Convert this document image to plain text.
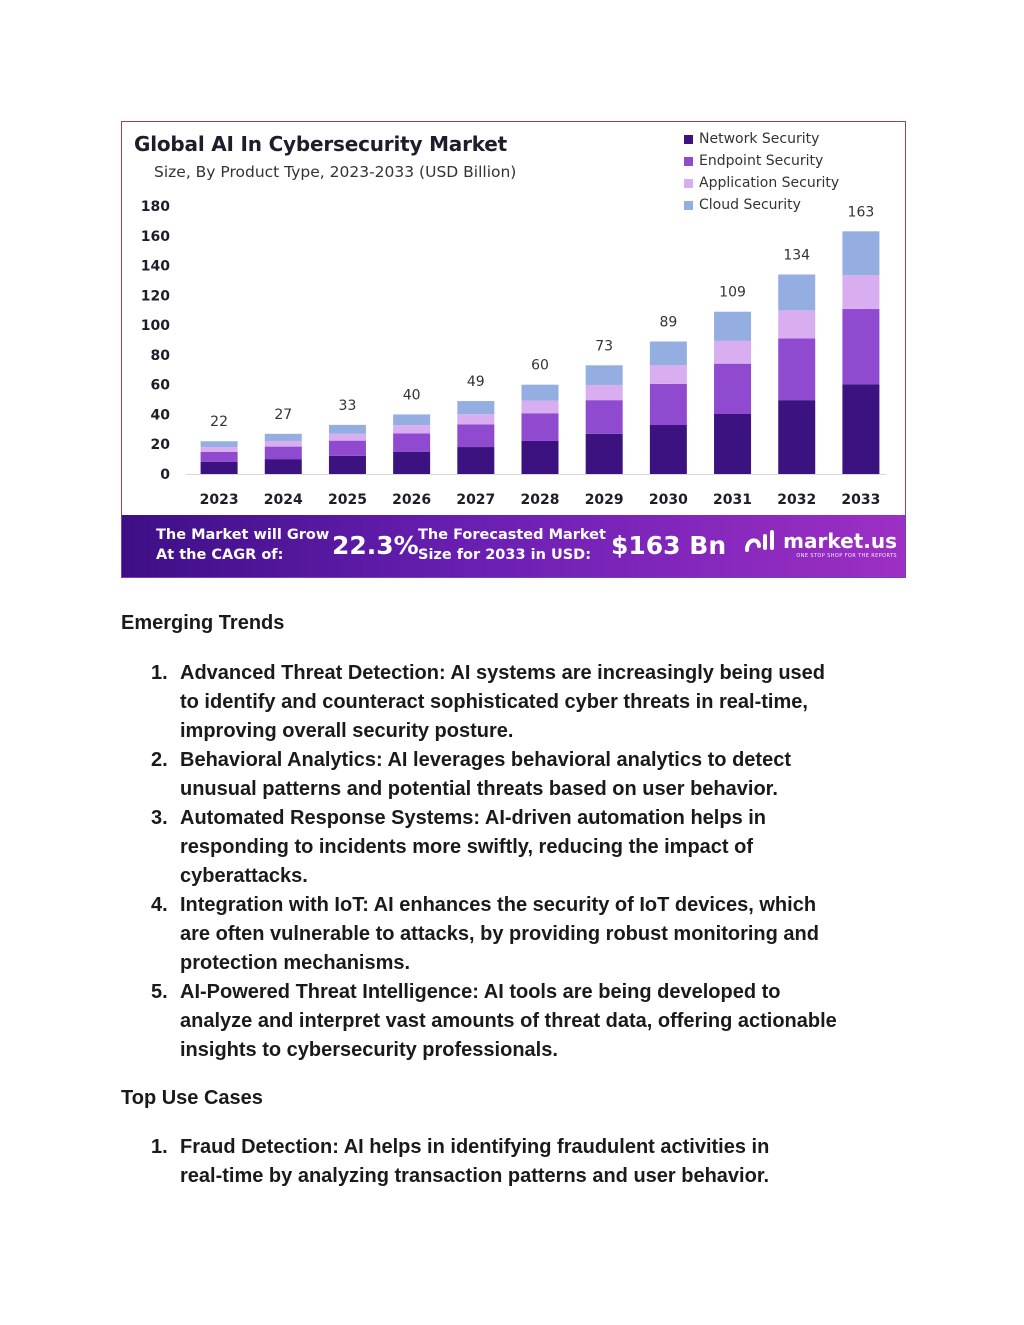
Global AI In Cybersecurity Market
Size, By Product Type, 2023-2033 (USD Billion)
Network Security
Endpoint Security
Application Security
Cloud Security
0
20
40
60
80
100
120
140
160
180
22
2023
27
2024
33
2025
40
2026
49
2027
60
2028
73
2029
89
2030
109
2031
134
2032
163
2033
The Market will Grow
At the CAGR of:	22.3% The Forecasted Market
Size for 2033 in USD: $163 Bn	market.us
ONE STOP SHOP FOR THE REPORTS
Emerging Trends
1. Advanced Threat Detection: AI systems are increasingly being used
to identify and counteract sophisticated cyber threats in real-time,
improving overall security posture.
2. Behavioral Analytics: AI leverages behavioral analytics to detect
unusual patterns and potential threats based on user behavior.
3. Automated Response Systems: AI-driven automation helps in
responding to incidents more swiftly, reducing the impact of
cyberattacks.
4. Integration with IoT: AI enhances the security of IoT devices, which
are often vulnerable to attacks, by providing robust monitoring and
protection mechanisms.
5. AI-Powered Threat Intelligence: AI tools are being developed to
analyze and interpret vast amounts of threat data, offering actionable
insights to cybersecurity professionals.
Top Use Cases
1. Fraud Detection: AI helps in identifying fraudulent activities in
real-time by analyzing transaction patterns and user behavior.
